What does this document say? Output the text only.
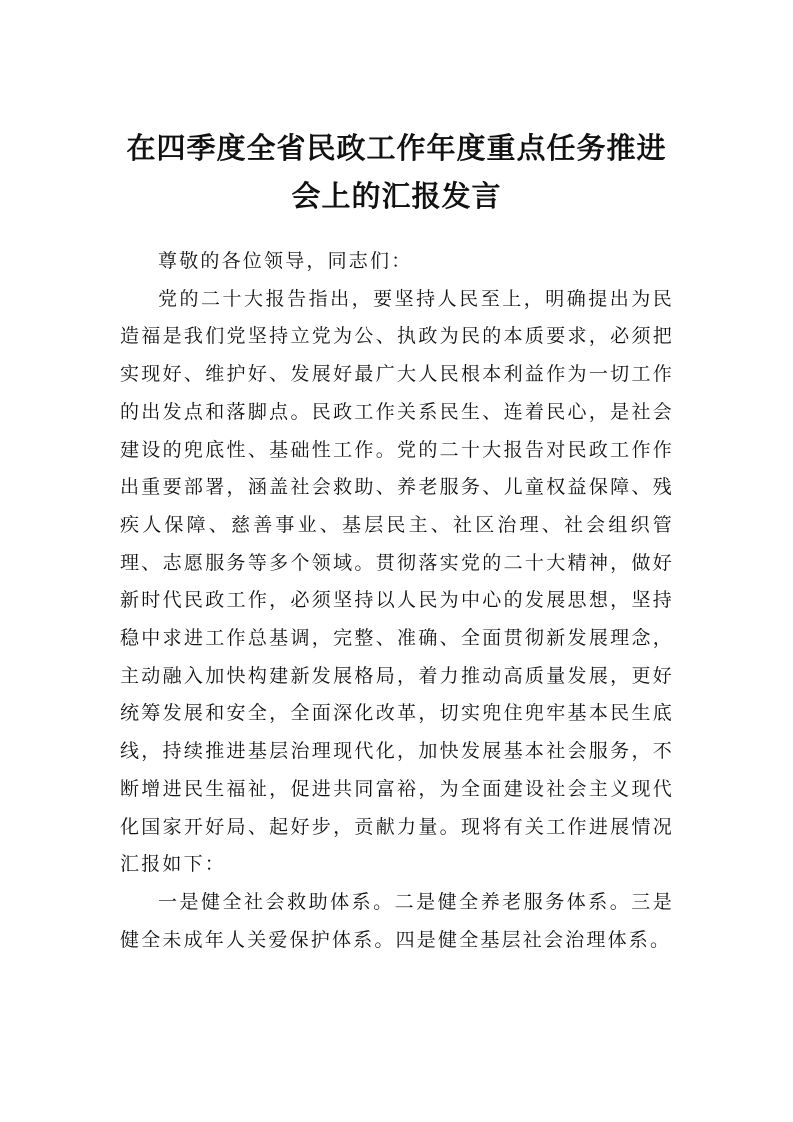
在四季度全省民政工作年度重点任务推进
会上的汇报发言

尊敬的各位领导，同志们：

党的二十大报告指出，要坚持人民至上，明确提出为民造福是我们党坚持立党为公、执政为民的本质要求，必须把实现好、维护好、发展好最广大人民根本利益作为一切工作的出发点和落脚点。民政工作关系民生、连着民心，是社会建设的兜底性、基础性工作。党的二十大报告对民政工作作出重要部署，涵盖社会救助、养老服务、儿童权益保障、残疾人保障、慈善事业、基层民主、社区治理、社会组织管理、志愿服务等多个领域。贯彻落实党的二十大精神，做好新时代民政工作，必须坚持以人民为中心的发展思想，坚持稳中求进工作总基调，完整、准确、全面贯彻新发展理念，主动融入加快构建新发展格局，着力推动高质量发展，更好统筹发展和安全，全面深化改革，切实兜住兜牢基本民生底线，持续推进基层治理现代化，加快发展基本社会服务，不断增进民生福祉，促进共同富裕，为全面建设社会主义现代化国家开好局、起好步，贡献力量。现将有关工作进展情况汇报如下：

一是健全社会救助体系。二是健全养老服务体系。三是健全未成年人关爱保护体系。四是健全基层社会治理体系。
